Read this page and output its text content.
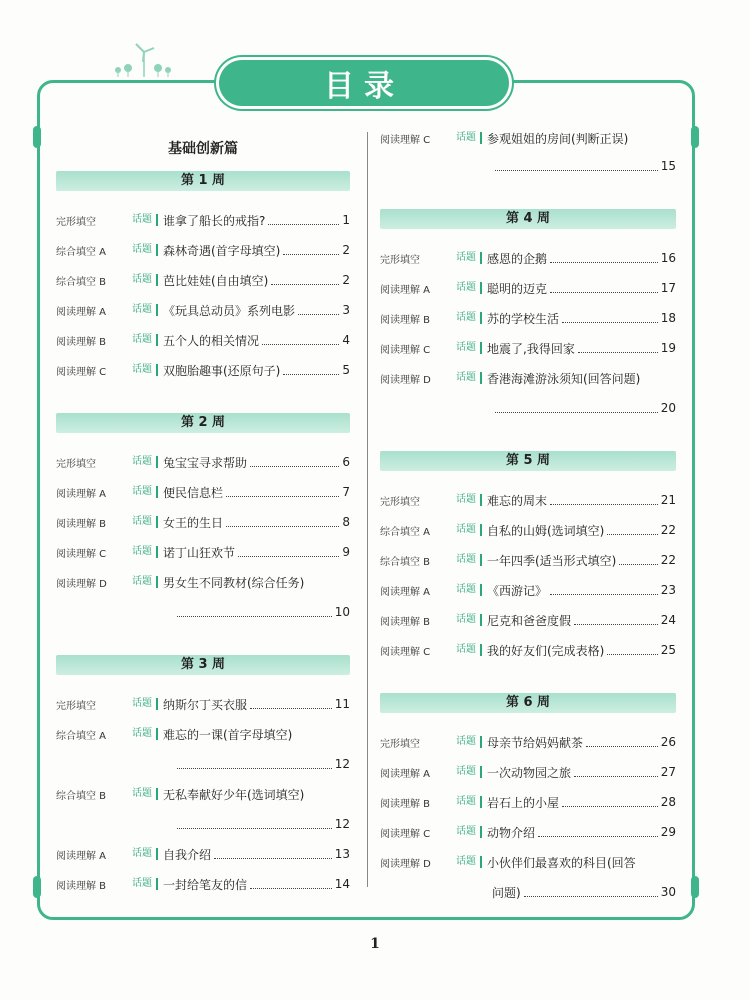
目录
基础创新篇
第 1 周
完形填空	话题 谁拿了船长的戒指?	1
综合填空 A	话题 森林奇遇(首字母填空)	2
综合填空 B	话题 芭比娃娃(自由填空)	2
阅读理解 A	话题 《玩具总动员》系列电影	3
阅读理解 B	话题 五个人的相关情况	4
阅读理解 C	话题 双胞胎趣事(还原句子)	5
第 2 周
完形填空	话题 兔宝宝寻求帮助	6
阅读理解 A	话题 便民信息栏	7
阅读理解 B	话题 女王的生日	8
阅读理解 C	话题 诺丁山狂欢节	9
阅读理解 D	话题 男女生不同教材(综合任务)
10
第 3 周
完形填空	话题 纳斯尔丁买衣服	11
综合填空 A	话题 难忘的一课(首字母填空)
12
综合填空 B	话题 无私奉献好少年(选词填空)
12
阅读理解 A	话题 自我介绍	13
阅读理解 B	话题 一封给笔友的信	14
阅读理解 C	话题 参观姐姐的房间(判断正误)
15
第 4 周
完形填空	话题 感恩的企鹅	16
阅读理解 A	话题 聪明的迈克	17
阅读理解 B	话题 苏的学校生活	18
阅读理解 C	话题 地震了,我得回家	19
阅读理解 D	话题 香港海滩游泳须知(回答问题)
20
第 5 周
完形填空	话题 难忘的周末	21
综合填空 A	话题 自私的山姆(选词填空)	22
综合填空 B	话题 一年四季(适当形式填空)	22
阅读理解 A	话题 《西游记》	23
阅读理解 B	话题 尼克和爸爸度假	24
阅读理解 C	话题 我的好友们(完成表格)	25
第 6 周
完形填空	话题 母亲节给妈妈献茶	26
阅读理解 A	话题 一次动物园之旅	27
阅读理解 B	话题 岩石上的小屋	28
阅读理解 C	话题 动物介绍	29
阅读理解 D	话题 小伙伴们最喜欢的科目(回答
问题)	30
1
